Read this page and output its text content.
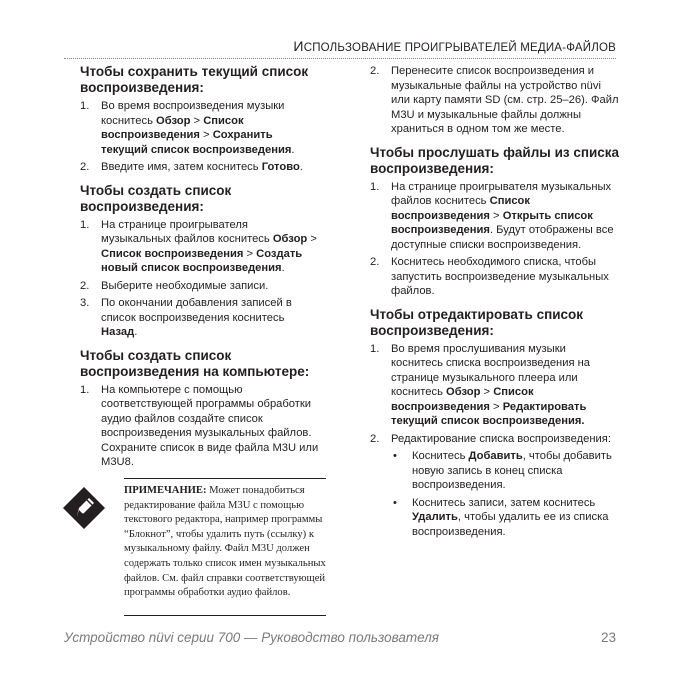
ИСПОЛЬЗОВАНИЕ ПРОИГРЫВАТЕЛЕЙ МЕДИА-ФАЙЛОВ
Чтобы сохранить текущий список воспроизведения:
1. Во время воспроизведения музыки коснитесь Обзор > Список воспроизведения > Сохранить текущий список воспроизведения.
2. Введите имя, затем коснитесь Готово.
Чтобы создать список воспроизведения:
1. На странице проигрывателя музыкальных файлов коснитесь Обзор > Список воспроизведения > Создать новый список воспроизведения.
2. Выберите необходимые записи.
3. По окончании добавления записей в список воспроизведения коснитесь Назад.
Чтобы создать список воспроизведения на компьютере:
1. На компьютере с помощью соответствующей программы обработки аудио файлов создайте список воспроизведения музыкальных файлов. Сохраните список в виде файла M3U или M3U8.
ПРИМЕЧАНИЕ: Может понадобиться редактирование файла M3U с помощью текстового редактора, например программы “Блокнот”, чтобы удалить путь (ссылку) к музыкальному файлу. Файл M3U должен содержать только список имен музыкальных файлов. См. файл справки соответствующей программы обработки аудио файлов.
2. Перенесите список воспроизведения и музыкальные файлы на устройство nüvi или карту памяти SD (см. стр. 25–26). Файл M3U и музыкальные файлы должны храниться в одном том же месте.
Чтобы прослушать файлы из списка воспроизведения:
1. На странице проигрывателя музыкальных файлов коснитесь Список воспроизведения > Открыть список воспроизведения. Будут отображены все доступные списки воспроизведения.
2. Коснитесь необходимого списка, чтобы запустить воспроизведение музыкальных файлов.
Чтобы отредактировать список воспроизведения:
1. Во время прослушивания музыки коснитесь списка воспроизведения на странице музыкального плеера или коснитесь Обзор > Список воспроизведения > Редактировать текущий список воспроизведения.
2. Редактирование списка воспроизведения:
• Коснитесь Добавить, чтобы добавить новую запись в конец списка воспроизведения.
• Коснитесь записи, затем коснитесь Удалить, чтобы удалить ее из списка воспроизведения.
Устройство nüvi серии 700 — Руководство пользователя	23
